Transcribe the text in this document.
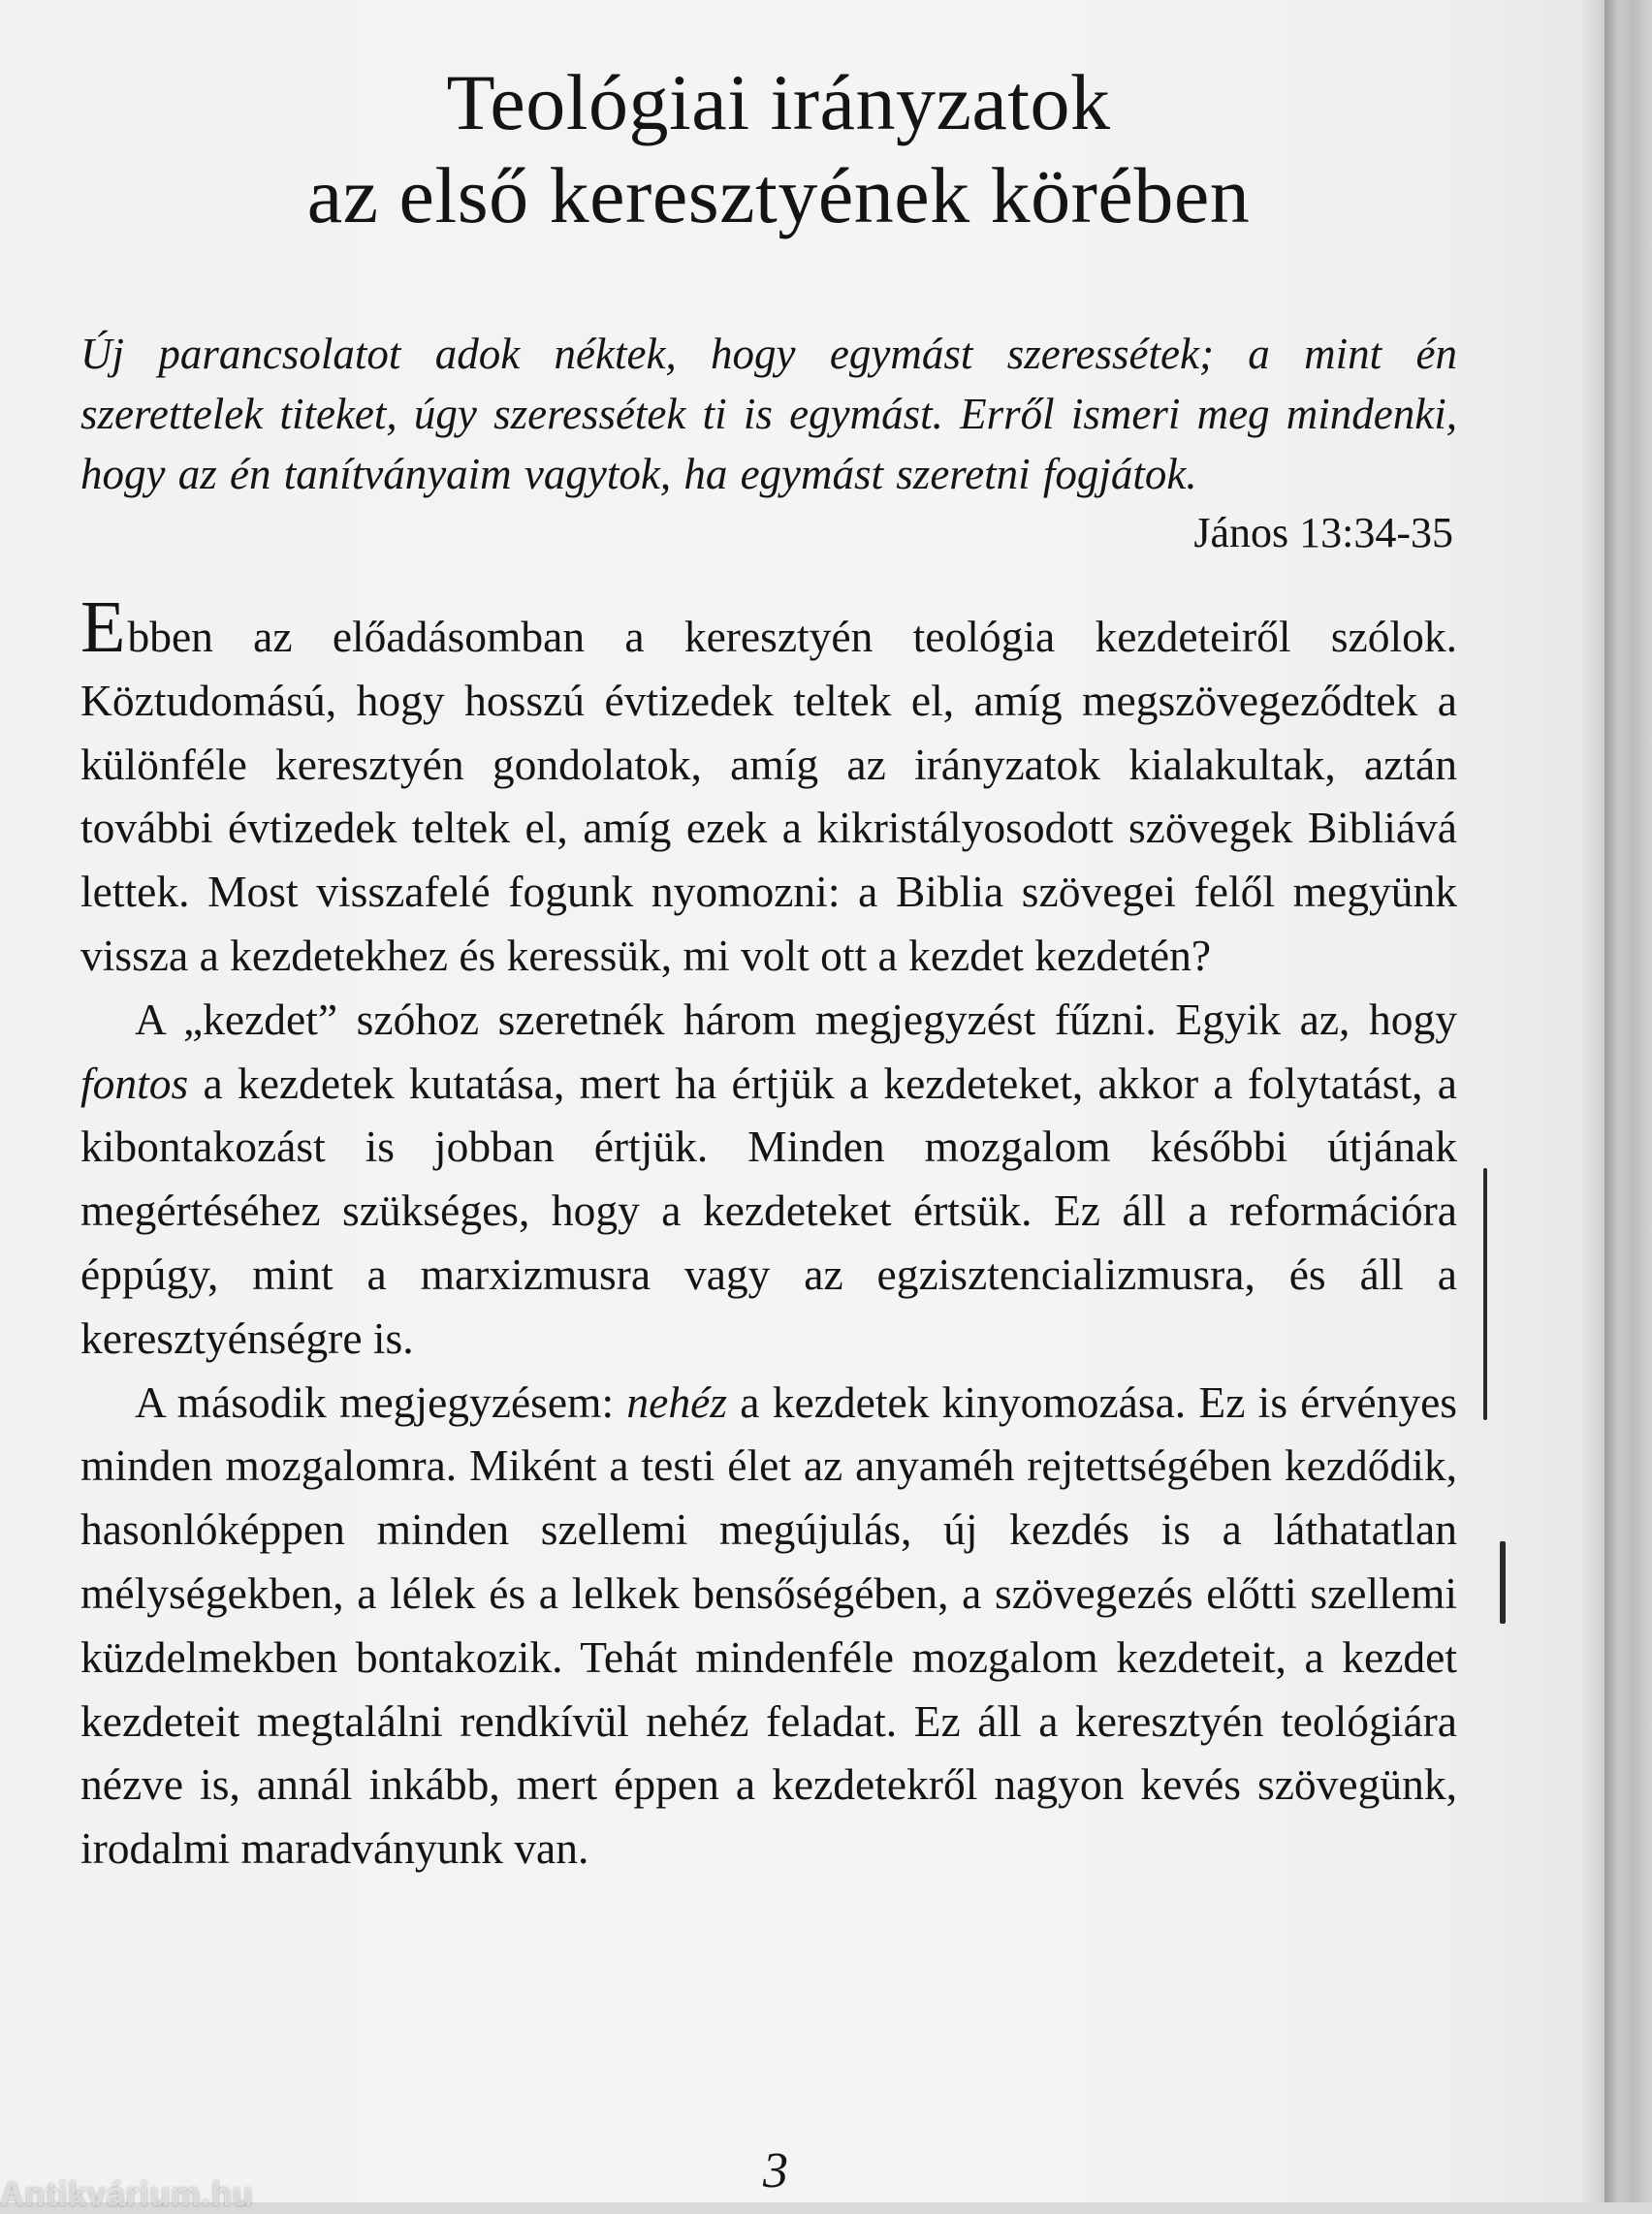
Teológiai irányzatok
az első keresztyének körében
Új parancsolatot adok néktek, hogy egymást szeressétek; a mint én szerettelek titeket, úgy szeressétek ti is egymást. Erről ismeri meg mindenki, hogy az én tanítványaim vagytok, ha egymást szeretni fogjátok.
János 13:34-35

Ebben az előadásomban a keresztyén teológia kezdeteiről szólok. Köztudomású, hogy hosszú évtizedek teltek el, amíg megszövegeződtek a különféle keresztyén gondolatok, amíg az irányzatok kialakultak, aztán további évtizedek teltek el, amíg ezek a kikristályosodott szövegek Bibliává lettek. Most visszafelé fogunk nyomozni: a Biblia szövegei felől megyünk vissza a kezdetekhez és keressük, mi volt ott a kezdet kezdetén?

A „kezdet” szóhoz szeretnék három megjegyzést fűzni. Egyik az, hogy fontos a kezdetek kutatása, mert ha értjük a kezdeteket, akkor a folytatást, a kibontakozást is jobban értjük. Minden mozgalom későbbi útjának megértéséhez szükséges, hogy a kezdeteket értsük. Ez áll a reformációra éppúgy, mint a marxizmusra vagy az egzisztencializmusra, és áll a keresztyénségre is.

A második megjegyzésem: nehéz a kezdetek kinyomozása. Ez is érvényes minden mozgalomra. Miként a testi élet az anyaméh rejtettségében kezdődik, hasonlóképpen minden szellemi megújulás, új kezdés is a láthatatlan mélységekben, a lélek és a lelkek bensőségében, a szövegezés előtti szellemi küzdelmekben bontakozik. Tehát mindenféle mozgalom kezdeteit, a kezdet kezdeteit megtalálni rendkívül nehéz feladat. Ez áll a keresztyén teológiára nézve is, annál inkább, mert éppen a kezdetekről nagyon kevés szövegünk, irodalmi maradványunk van.

3
Antikvárium.hu
